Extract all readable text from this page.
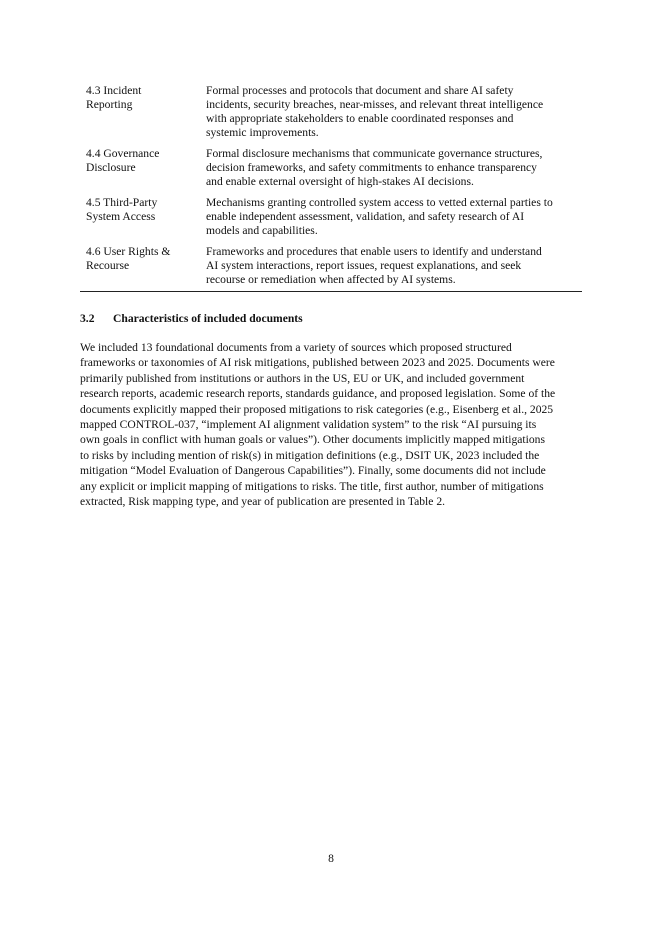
4.3 Incident
Reporting
Formal processes and protocols that document and share AI safety
incidents, security breaches, near-misses, and relevant threat intelligence
with appropriate stakeholders to enable coordinated responses and
systemic improvements.
4.4 Governance
Disclosure
Formal disclosure mechanisms that communicate governance structures,
decision frameworks, and safety commitments to enhance transparency
and enable external oversight of high-stakes AI decisions.
4.5 Third-Party
System Access
Mechanisms granting controlled system access to vetted external parties to
enable independent assessment, validation, and safety research of AI
models and capabilities.
4.6 User Rights &
Recourse
Frameworks and procedures that enable users to identify and understand
AI system interactions, report issues, request explanations, and seek
recourse or remediation when affected by AI systems.
3.2 Characteristics of included documents
We included 13 foundational documents from a variety of sources which proposed structured
frameworks or taxonomies of AI risk mitigations, published between 2023 and 2025. Documents were
primarily published from institutions or authors in the US, EU or UK, and included government
research reports, academic research reports, standards guidance, and proposed legislation. Some of the
documents explicitly mapped their proposed mitigations to risk categories (e.g., Eisenberg et al., 2025
mapped CONTROL-037, “implement AI alignment validation system” to the risk “AI pursuing its
own goals in conflict with human goals or values”). Other documents implicitly mapped mitigations
to risks by including mention of risk(s) in mitigation definitions (e.g., DSIT UK, 2023 included the
mitigation “Model Evaluation of Dangerous Capabilities”). Finally, some documents did not include
any explicit or implicit mapping of mitigations to risks. The title, first author, number of mitigations
extracted, Risk mapping type, and year of publication are presented in Table 2.
8
